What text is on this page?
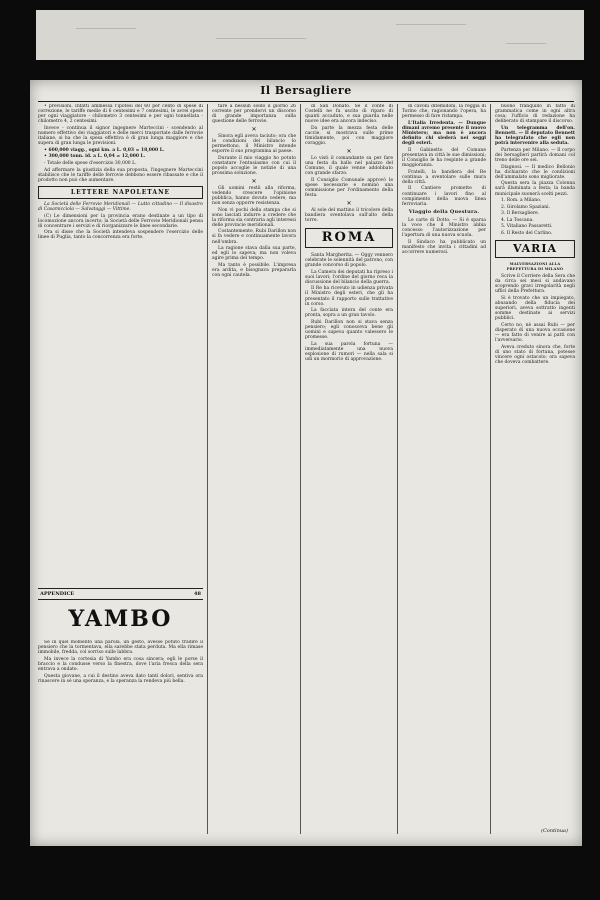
Il Bersagliere

• previsioni. Infatti ammessa l'ipotesi del 60 per cento di spese di correzione, le tariffe medie di 6 centesimi e 7 centesimi, le avrei spese per ogni viaggiatore - chilometro 3 centesimi e per ogni tonnellata - chilometro 4, 2 centesimi.

Invece - continua il signor ingegnere Marteccini - scendendo al numero effettivo dei viaggiatori e delle merci trasportate dalle ferrovie italiane, si ha che la spesa effettiva è di gran lunga maggiore e che supera di gran lunga le previsioni.

• 600,000 viagg., ogni km. a L. 0,03 = 18,000 L.

• 300,000 tonn. id. a L. 0,04 = 12,000 L.

- Totale delle spese d'esercizio 30,000 L.

Ad affermare la giustizia della sua proposta, l'ingegnere Marteccini stabilisce che le tariffe delle ferrovie debbono essere ribassate e che il prodotto non può che aumentare.

LETTERE NAPOLETANE

La Società delle Ferrovie Meridionali — Lutto cittadino — Il disastro di Casamicciola — Salvataggi — Vittime.

(C) Le dimensioni per la provincia erano destinate a un tipo di locomozione ancora incerto; la Società delle Ferrovie Meridionali pensa di concentrare i servizi e di riorganizzare le linee secondarie.

Ora si disse che la Società intendeva sospendere l'esercizio delle linee di Puglia, tanto la concorrenza era forte.

APPENDICE	48
YAMBO

Se in quel momento una parola, un gesto, avesse potuto tradire il pensiero che la tormentava, ella sarebbe stata perduta. Ma ella rimase immobile, fredda, col sorriso sulle labbra.

Ma invece la cortesia di Yambo era cosa sincera; egli le porse il braccio e la condusse verso la finestra, dove l'aria fresca della sera entrava a ondate.

Questa giovane, a cui il destino aveva dato tanti dolori, sentiva ora rinascere in sé una speranza, e la speranza la rendeva più bella.

tare a nessun soldo il giorno 26 corrente per prendervi un discorso di grande importanza sulla questione delle ferrovie.

✕

Sinora egli aveva taciuto; ora che le condizioni del bilancio lo permettono, il Ministro intende esporre il suo programma al paese.

Durante il mio viaggio ho potuto constatare l'entusiasmo con cui il popolo accoglie le notizie di una prossima soluzione.

✕

Gli uomini restii alla riforma, vedendo crescere l'opinione pubblica, hanno dovuto cedere, ma non senza opporre resistenza.

Non vi pochi della stampa che si sono lasciati indurre a credere che la riforma sia contraria agli interessi delle provincie meridionali.

Costantemente, Rubi Darillon non si fa vedere e continuamente lavora nell'ombra.

La ragione stava dalla sua parte, ed egli lo sapeva; ma non voleva agire prima del tempo.

Ma tanto è possibile. L'impresa era ardita, e bisognava prepararla con ogni cautela.

di San Donato. Se il conte di Costelli ne fu uscito di riparo di quanti accaduto, e sua guarda nelle nuove idee era ancora indeciso.

Da parte la mezza festa delle caccie, si mostrava sulle prime timidamente, poi con maggiore coraggio.

✕

Lo visti il comandante su per fare una festa da ballo nel palazzo del Comune, il quale venne addobbato con grande sfarzo.

Il Consiglio Comunale approvò le spese necessarie e nominò una commissione per l'ordinamento della festa.

✕

Al sole del mattino il tricolore della bandiera sventolava sull'alto della torre.

ROMA

Santa Margherita. — Oggy vennero celebrate le solennità del patrono, con grande concorso di popolo.

La Camera dei deputati ha ripreso i suoi lavori; l'ordine del giorno reca la discussione del bilancio della guerra.

Il Re ha ricevuto in udienza privata il Ministro degli esteri, che gli ha presentato il rapporto sulle trattative in corso.

La facciata intera del conte era pronta, sopra a un gran tavolo.

Rubi Darillon non si stava senza pensiero; egli conosceva bene gli uomini e sapeva quanto valessero le promesse.

La sua parola fortuna — immediatamente una nuova esplosione di rumori — nella sala si udì un mormorio di approvazione.

di cavoni ditemidoni, la reggia di Torino che, ragionando l'opera, ha permesso di fare ristampa.

L'Italia Irredenta. — Dunque dimani avremo presente il nuovo Ministero; ma non è ancora definito chi siederà nei seggi degli esteri.

Il Gabinetto del Comune presentava in città le sue dimissioni; il Consiglio le ha respinte a grande maggioranza.

Fratelli, la bandiera del Re continua a sventolare sulle mura della città.

Il Cantiere promette di continuare i lavori fino al compimento della nuova linea ferroviaria.

Viaggio della Questura.

Le carte di Dotto. — Si è sparsa la voce che il Ministro abbia concesso l'autorizzazione per l'apertura di una nuova scuola.

Il Sindaco ha pubblicato un manifesto che invita i cittadini ad accorrere numerosi.

buono tranquillo in fatto di grammatica come in ogni altra cosa; l'ufficio di redazione ha deliberato di stampare il discorso.

Un telegramma dell'on. Bennett. — Il deputato Bennett ha telegrafato che egli non potrà intervenire alla seduta.

Partenza per Milano. — Il corpo dei bersaglieri partirà domani col treno delle ore sei.

Diagnosi. — Il medico Bellonio ha dichiarato che le condizioni dell'ammalato sono migliorate.

Questa sera la piazza Colonna sarà illuminata a festa; la banda municipale suonerà scelti pezzi.

1. Rom. a Milano.

2. Girolamo Spaziani.

3. Il Bersagliere.

4. La Toscana.

5. Vitaliano Passaretti.

6. Il Resto del Carlino.

VARIA
MALVERSAZIONI ALLA PREFETTURA DI MILANO

Scrive il Corriere della Sera che da circa sei mesi si andavano scoprendo gravi irregolarità negli uffici della Prefettura.

Si è trovato che un impiegato, abusando della fiducia dei superiori, aveva sottratto ingenti somme destinate ai servizi pubblici.

Certo no, nè assai Rubi — per disperato di una nuova occasione — era fatto di venire ai patti con l'avversario.

Aveva creduto sinora che, forte di uno stato di fortuna, potesse vincere ogni ostacolo; ora sapeva che doveva combattere.

(Continua)
